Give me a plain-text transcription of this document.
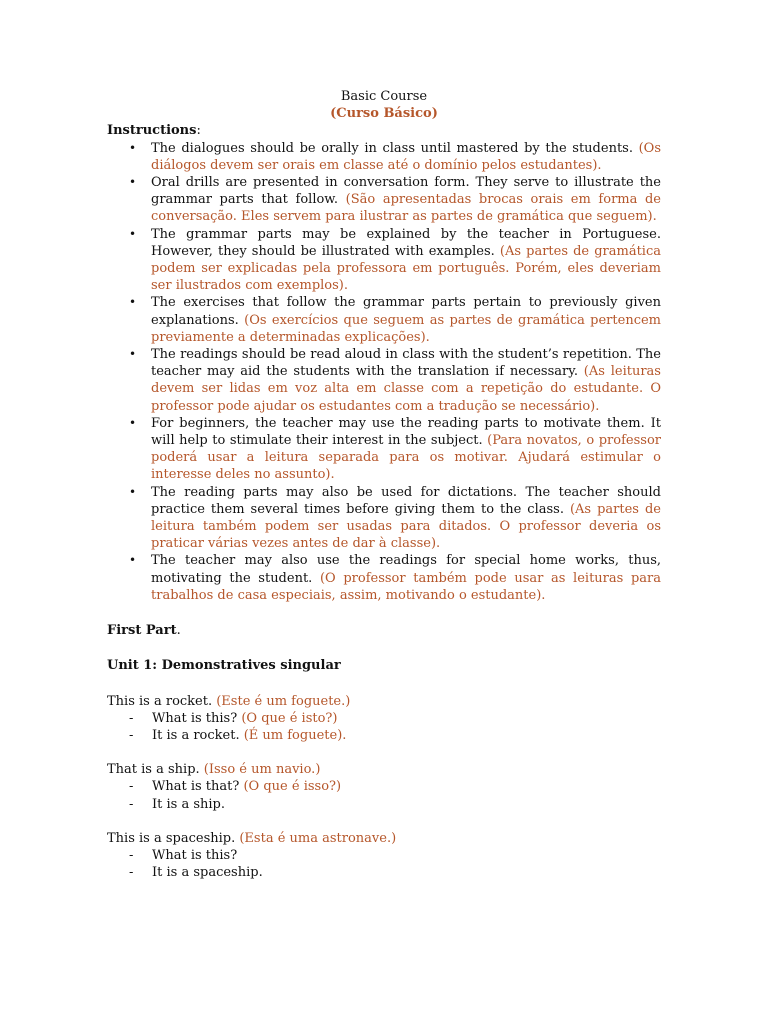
Basic Course
(Curso Básico)
Instructions:
• The dialogues should be orally in class until mastered by the students. (Os diálogos devem ser orais em classe até o domínio pelos estudantes).
• Oral drills are presented in conversation form. They serve to illustrate the grammar parts that follow. (São apresentadas brocas orais em forma de conversação. Eles servem para ilustrar as partes de gramática que seguem).
• The grammar parts may be explained by the teacher in Portuguese. However, they should be illustrated with examples. (As partes de gramática podem ser explicadas pela professora em português. Porém, eles deveriam ser ilustrados com exemplos).
• The exercises that follow the grammar parts pertain to previously given explanations. (Os exercícios que seguem as partes de gramática pertencem previamente a determinadas explicações).
• The readings should be read aloud in class with the student’s repetition. The teacher may aid the students with the translation if necessary. (As leituras devem ser lidas em voz alta em classe com a repetição do estudante. O professor pode ajudar os estudantes com a tradução se necessário).
• For beginners, the teacher may use the reading parts to motivate them. It will help to stimulate their interest in the subject. (Para novatos, o professor poderá usar a leitura separada para os motivar. Ajudará estimular o interesse deles no assunto).
• The reading parts may also be used for dictations. The teacher should practice them several times before giving them to the class. (As partes de leitura também podem ser usadas para ditados. O professor deveria os praticar várias vezes antes de dar à classe).
• The teacher may also use the readings for special home works, thus, motivating the student. (O professor também pode usar as leituras para trabalhos de casa especiais, assim, motivando o estudante).
First Part.
Unit 1: Demonstratives singular
This is a rocket. (Este é um foguete.)
- What is this? (O que é isto?)
- It is a rocket. (É um foguete).
That is a ship. (Isso é um navio.)
- What is that? (O que é isso?)
- It is a ship.
This is a spaceship. (Esta é uma astronave.)
- What is this?
- It is a spaceship.
